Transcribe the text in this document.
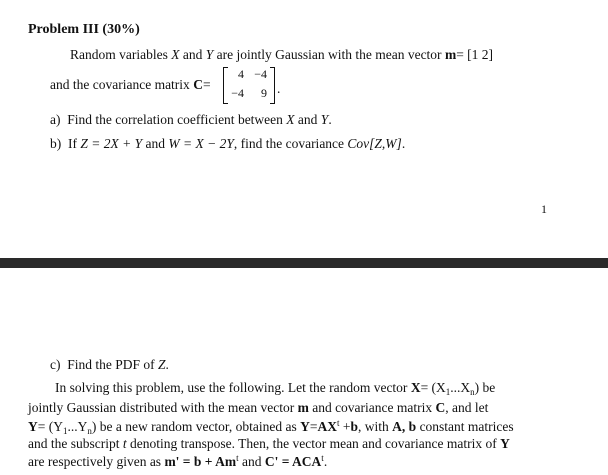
Problem III (30%)
Random variables X and Y are jointly Gaussian with the mean vector m= [1 2]
and the covariance matrix C=
4 −4
−4	9 .
a) Find the correlation coefficient between X and Y.
b) If Z = 2X + Y and W = X − 2Y, find the covariance Cov[Z,W].
1
c) Find the PDF of Z.
In solving this problem, use the following. Let the random vector $X= (X_1...X_n)$ be
jointly Gaussian distributed with the mean vector m and covariance matrix C, and let
$Y= (Y_1...Y_n)$ be a new random vector, obtained as $Y=AX^t +b$, with A, b constant matrices
and the subscript t denoting transpose. Then, the vector mean and covariance matrix of Y
are respectively given as $m' = b + Am^t$ and $C' = ACA^t$.
